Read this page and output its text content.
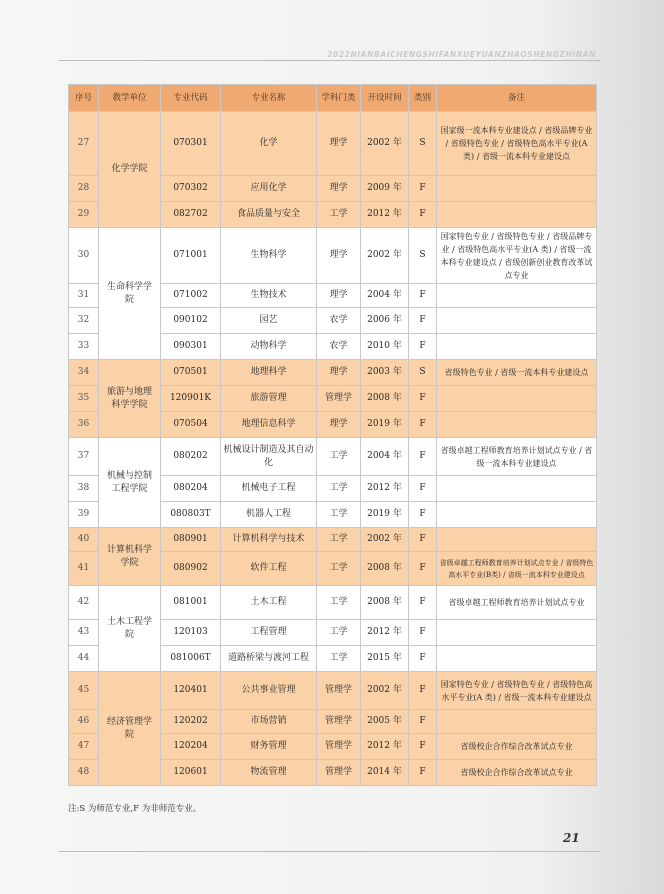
2022NIANBAICHENGSHIFANXUEYUANZHAOSHENGZHINAN
序号	教学单位	专业代码	专业名称	学科门类	开设时间	类别	备注
27	化学学院	070301	化学	理学	2002 年	S	国家级一流本科专业建设点 / 省级品牌专业 / 省级特色专业 / 省级特色高水平专业(A 类) / 省级一流本科专业建设点
28		070302	应用化学	理学	2009 年	F	
29		082702	食品质量与安全	工学	2012 年	F	
30	生命科学学院	071001	生物科学	理学	2002 年	S	国家特色专业 / 省级特色专业 / 省级品牌专业 / 省级特色高水平专业(A 类) / 省级一流本科专业建设点 / 省级创新创业教育改革试点专业
31		071002	生物技术	理学	2004 年	F	
32		090102	园艺	农学	2006 年	F	
33		090301	动物科学	农学	2010 年	F	
34	旅游与地理科学学院	070501	地理科学	理学	2003 年	S	省级特色专业 / 省级一流本科专业建设点
35		120901K	旅游管理	管理学	2008 年	F	
36		070504	地理信息科学	理学	2019 年	F	
37	机械与控制工程学院	080202	机械设计制造及其自动化	工学	2004 年	F	省级卓越工程师教育培养计划试点专业 / 省级一流本科专业建设点
38		080204	机械电子工程	工学	2012 年	F	
39		080803T	机器人工程	工学	2019 年	F	
40	计算机科学学院	080901	计算机科学与技术	工学	2002 年	F	
41		080902	软件工程	工学	2008 年	F	省级卓越工程师教育培养计划试点专业 / 省级特色高水平专业(B类) / 省级一流本科专业建设点
42	土木工程学院	081001	土木工程	工学	2008 年	F	省级卓越工程师教育培养计划试点专业
43		120103	工程管理	工学	2012 年	F	
44		081006T	道路桥梁与渡河工程	工学	2015 年	F	
45	经济管理学院	120401	公共事业管理	管理学	2002 年	F	国家特色专业 / 省级特色专业 / 省级特色高水平专业(A 类) / 省级一流本科专业建设点
46		120202	市场营销	管理学	2005 年	F	
47		120204	财务管理	管理学	2012 年	F	省级校企合作综合改革试点专业
48		120601	物流管理	管理学	2014 年	F	省级校企合作综合改革试点专业
注:S 为师范专业,F 为非师范专业。
21
